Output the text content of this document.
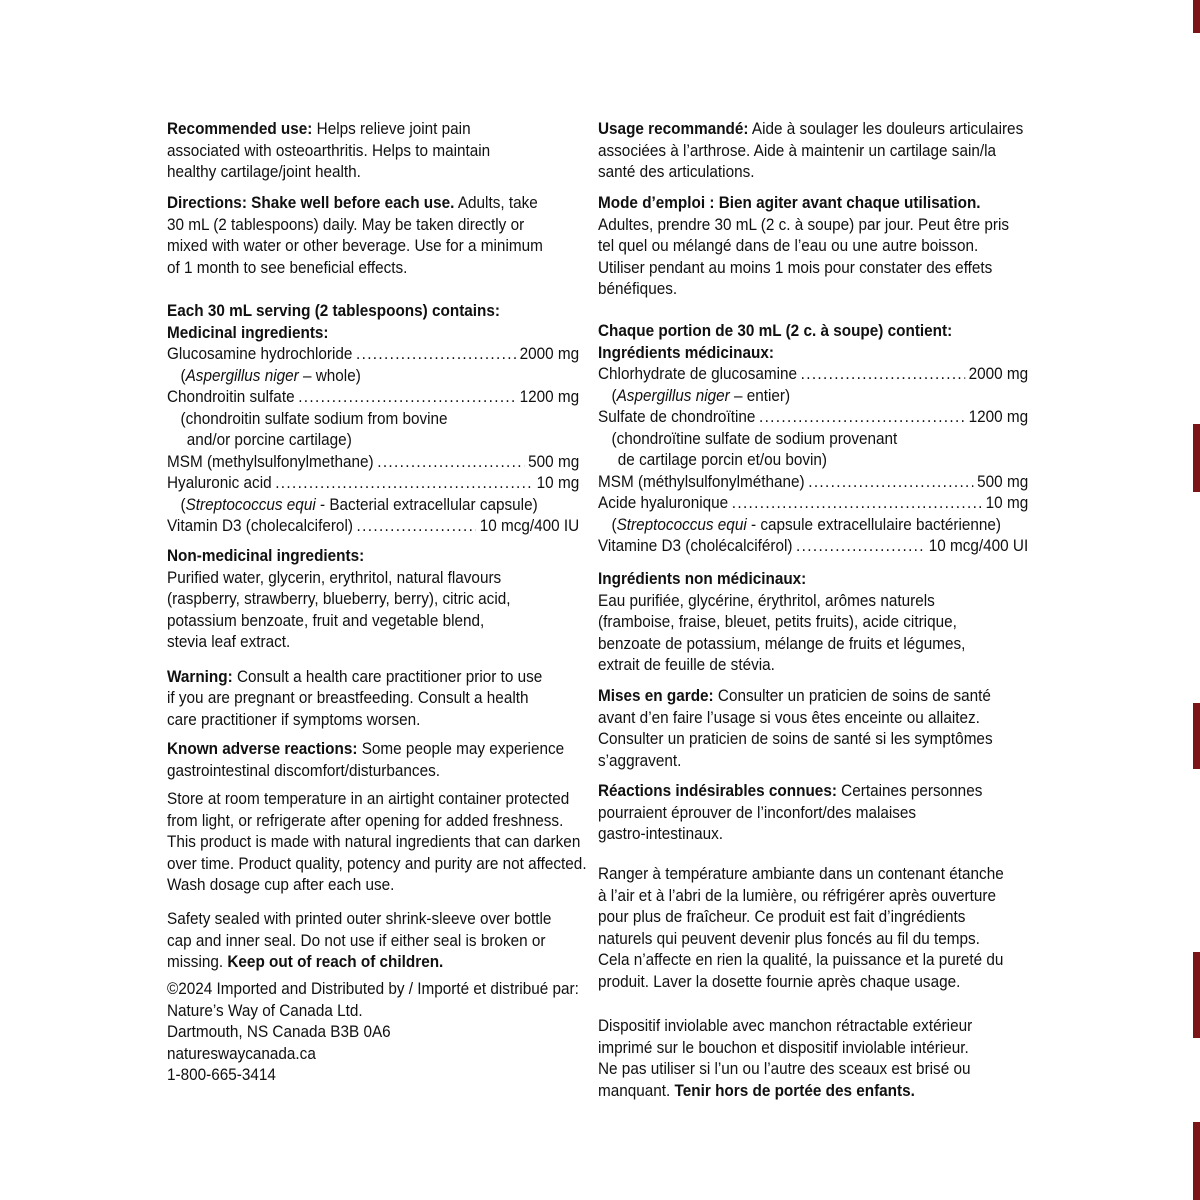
Recommended use: Helps relieve joint pain
associated with osteoarthritis. Helps to maintain
healthy cartilage/joint health.
Directions: Shake well before each use. Adults, take
30 mL (2 tablespoons) daily. May be taken directly or
mixed with water or other beverage. Use for a minimum
of 1 month to see beneficial effects.
Each 30 mL serving (2 tablespoons) contains:
Medicinal ingredients:
Glucosamine hydrochloride .....	2000 mg
(Aspergillus niger – whole)
Chondroitin sulfate .....	1200 mg
(chondroitin sulfate sodium from bovine
and/or porcine cartilage)
MSM (methylsulfonylmethane) .....	500 mg
Hyaluronic acid .....	10 mg
(Streptococcus equi - Bacterial extracellular capsule)
Vitamin D3 (cholecalciferol) .....	10 mcg/400 IU
Non-medicinal ingredients:
Purified water, glycerin, erythritol, natural flavours
(raspberry, strawberry, blueberry, berry), citric acid,
potassium benzoate, fruit and vegetable blend,
stevia leaf extract.
Warning: Consult a health care practitioner prior to use
if you are pregnant or breastfeeding. Consult a health
care practitioner if symptoms worsen.
Known adverse reactions: Some people may experience
gastrointestinal discomfort/disturbances.
Store at room temperature in an airtight container protected
from light, or refrigerate after opening for added freshness.
This product is made with natural ingredients that can darken
over time. Product quality, potency and purity are not affected.
Wash dosage cup after each use.
Safety sealed with printed outer shrink-sleeve over bottle
cap and inner seal. Do not use if either seal is broken or
missing. Keep out of reach of children.
©2024 Imported and Distributed by / Importé et distribué par:
Nature’s Way of Canada Ltd.
Dartmouth, NS Canada B3B 0A6
natureswaycanada.ca
1-800-665-3414
Usage recommandé: Aide à soulager les douleurs articulaires
associées à l’arthrose. Aide à maintenir un cartilage sain/la
santé des articulations.
Mode d’emploi : Bien agiter avant chaque utilisation.
Adultes, prendre 30 mL (2 c. à soupe) par jour. Peut être pris
tel quel ou mélangé dans de l’eau ou une autre boisson.
Utiliser pendant au moins 1 mois pour constater des effets
bénéfiques.
Chaque portion de 30 mL (2 c. à soupe) contient:
Ingrédients médicinaux:
Chlorhydrate de glucosamine .....	2000 mg
(Aspergillus niger – entier)
Sulfate de chondroïtine .....	1200 mg
(chondroïtine sulfate de sodium provenant
de cartilage porcin et/ou bovin)
MSM (méthylsulfonylméthane) .....	500 mg
Acide hyaluronique .....	10 mg
(Streptococcus equi - capsule extracellulaire bactérienne)
Vitamine D3 (cholécalciférol) .....	10 mcg/400 UI
Ingrédients non médicinaux:
Eau purifiée, glycérine, érythritol, arômes naturels
(framboise, fraise, bleuet, petits fruits), acide citrique,
benzoate de potassium, mélange de fruits et légumes,
extrait de feuille de stévia.
Mises en garde: Consulter un praticien de soins de santé
avant d’en faire l’usage si vous êtes enceinte ou allaitez.
Consulter un praticien de soins de santé si les symptômes
s’aggravent.
Réactions indésirables connues: Certaines personnes
pourraient éprouver de l’inconfort/des malaises
gastro-intestinaux.
Ranger à température ambiante dans un contenant étanche
à l’air et à l’abri de la lumière, ou réfrigérer après ouverture
pour plus de fraîcheur. Ce produit est fait d’ingrédients
naturels qui peuvent devenir plus foncés au fil du temps.
Cela n’affecte en rien la qualité, la puissance et la pureté du
produit. Laver la dosette fournie après chaque usage.
Dispositif inviolable avec manchon rétractable extérieur
imprimé sur le bouchon et dispositif inviolable intérieur.
Ne pas utiliser si l’un ou l’autre des sceaux est brisé ou
manquant. Tenir hors de portée des enfants.
